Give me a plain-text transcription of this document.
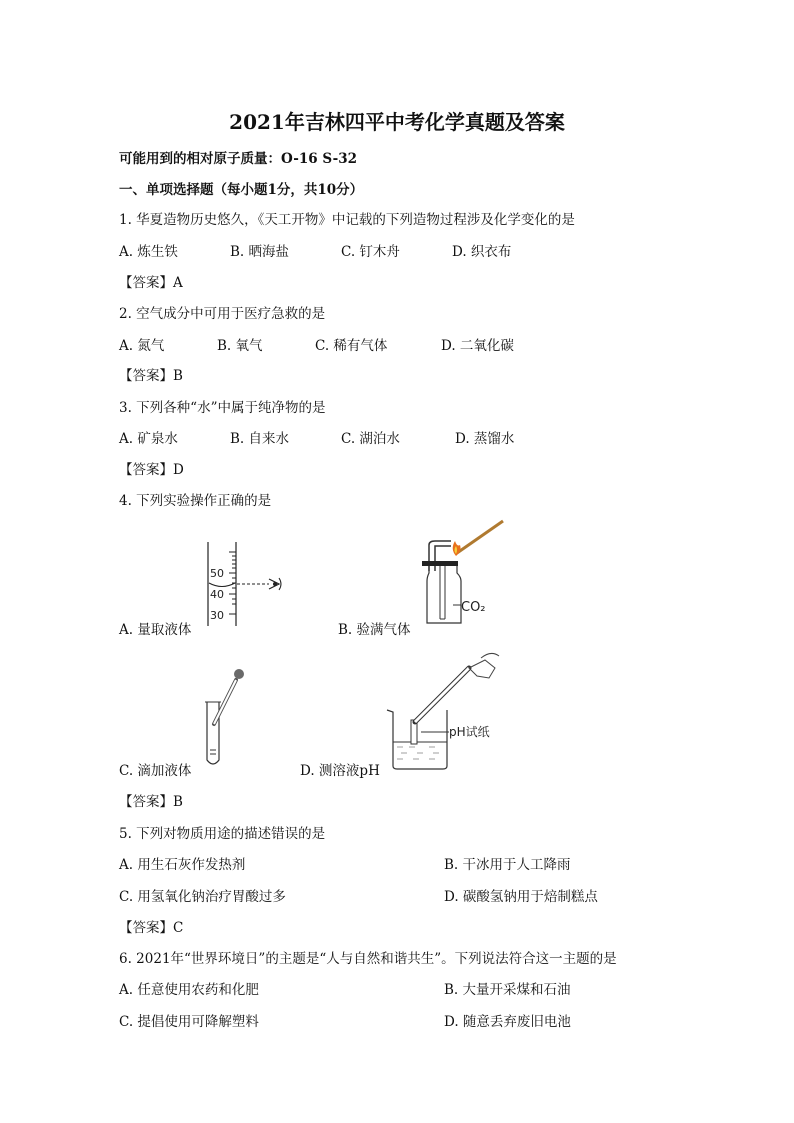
2021年吉林四平中考化学真题及答案
可能用到的相对原子质量：O-16 S-32
一、单项选择题（每小题1分，共10分）
1. 华夏造物历史悠久，《天工开物》中记载的下列造物过程涉及化学变化的是
A. 炼生铁	B. 晒海盐	C. 钉木舟	D. 织衣布
【答案】A
2. 空气成分中可用于医疗急救的是
A. 氮气	B. 氧气	C. 稀有气体	D. 二氧化碳
【答案】B
3. 下列各种“水”中属于纯净物的是
A. 矿泉水	B. 自来水	C. 湖泊水	D. 蒸馏水
【答案】D
4. 下列实验操作正确的是
50
40
30
A. 量取液体
CO₂
B. 验满气体
C. 滴加液体
pH试纸
D. 测溶液pH
【答案】B
5. 下列对物质用途的描述错误的是
A. 用生石灰作发热剂	B. 干冰用于人工降雨
C. 用氢氧化钠治疗胃酸过多	D. 碳酸氢钠用于焙制糕点
【答案】C
6. 2021年“世界环境日”的主题是“人与自然和谐共生”。下列说法符合这一主题的是
A. 任意使用农药和化肥	B. 大量开采煤和石油
C. 提倡使用可降解塑料	D. 随意丢弃废旧电池
